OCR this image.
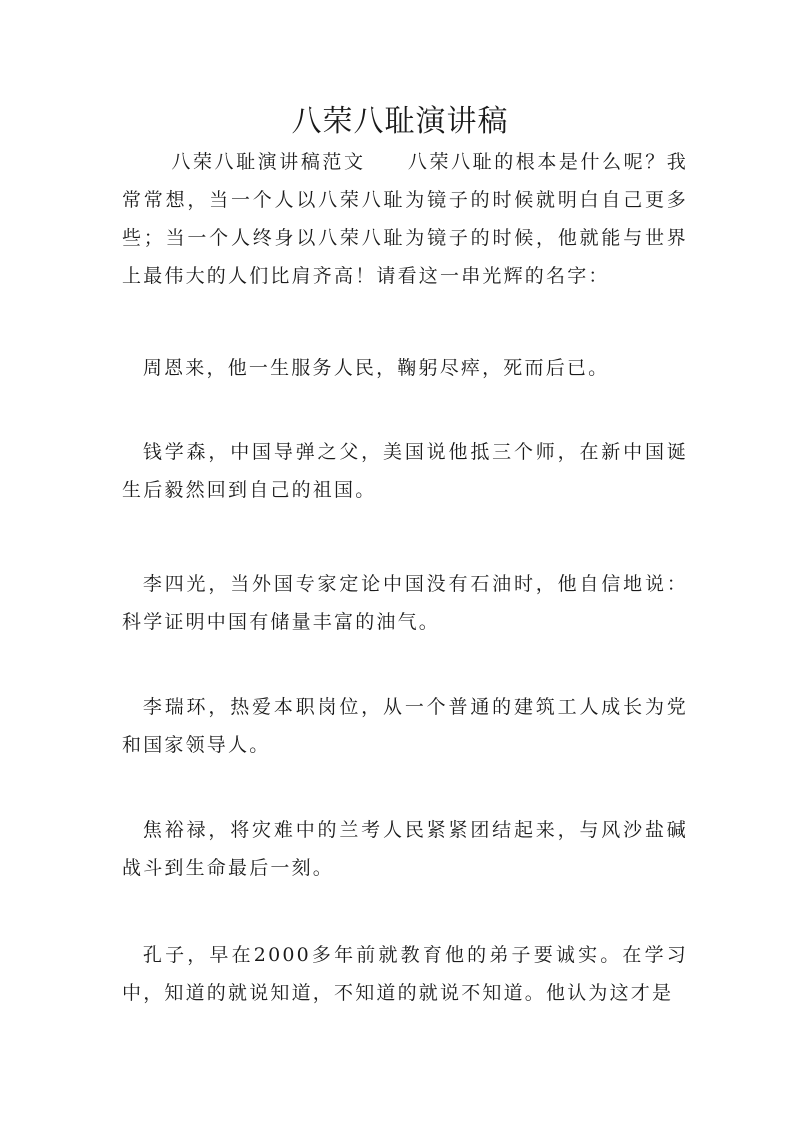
八荣八耻演讲稿

八荣八耻演讲稿范文 八荣八耻的根本是什么呢？我常常想，当一个人以八荣八耻为镜子的时候就明白自己更多些；当一个人终身以八荣八耻为镜子的时候，他就能与世界上最伟大的人们比肩齐高！请看这一串光辉的名字：

周恩来，他一生服务人民，鞠躬尽瘁，死而后已。

钱学森，中国导弹之父，美国说他抵三个师，在新中国诞生后毅然回到自己的祖国。

李四光，当外国专家定论中国没有石油时，他自信地说：科学证明中国有储量丰富的油气。

李瑞环，热爱本职岗位，从一个普通的建筑工人成长为党和国家领导人。

焦裕禄，将灾难中的兰考人民紧紧团结起来，与风沙盐碱战斗到生命最后一刻。

孔子，早在2000多年前就教育他的弟子要诚实。在学习中，知道的就说知道，不知道的就说不知道。他认为这才是
